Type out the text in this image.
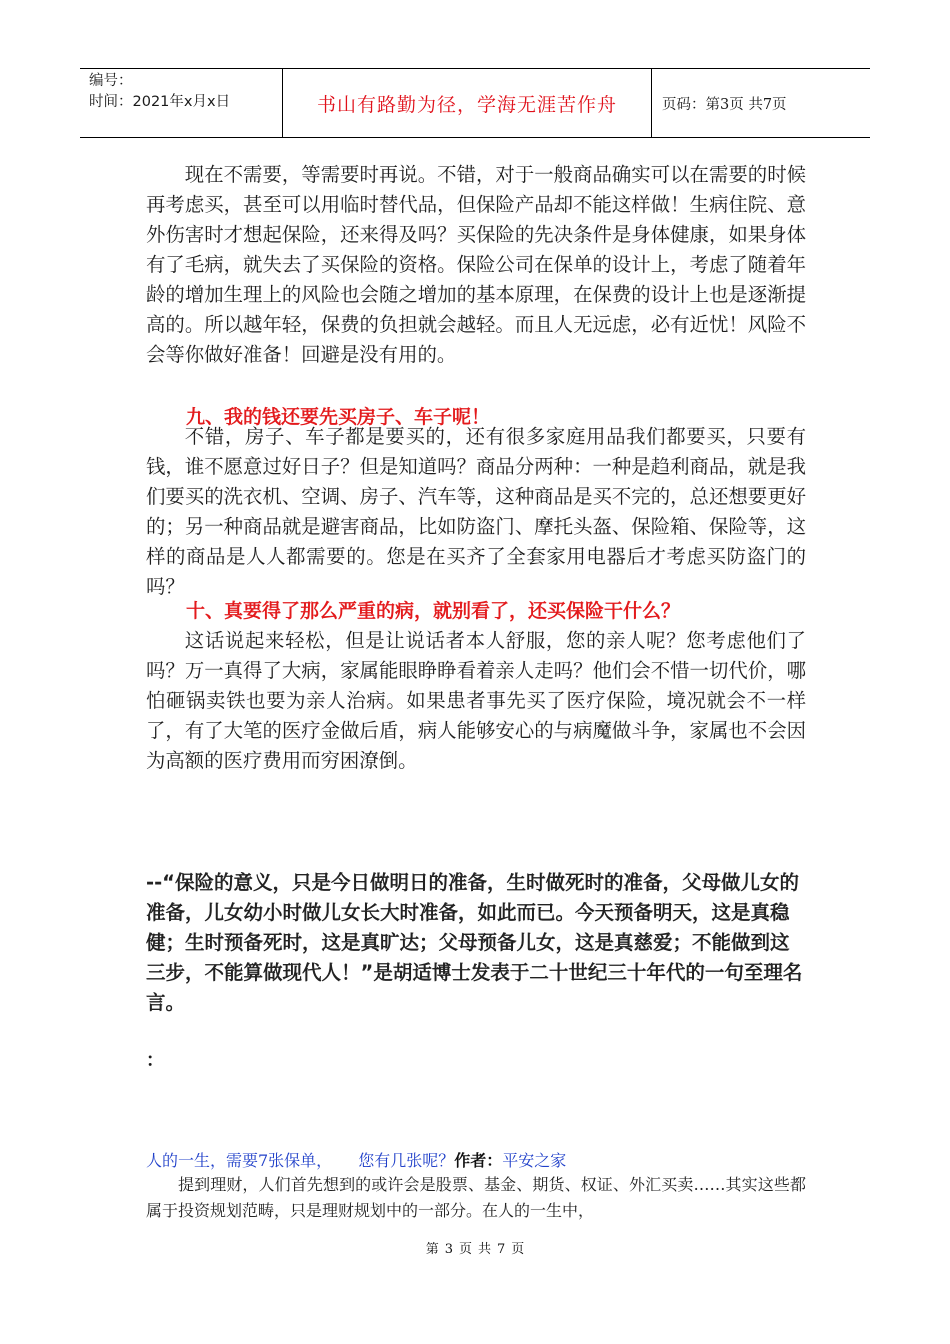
编号：
时间：2021年x月x日	书山有路勤为径，学海无涯苦作舟	页码：第3页 共7页
现在不需要，等需要时再说。不错，对于一般商品确实可以在需要的时候再考虑买，甚至可以用临时替代品，但保险产品却不能这样做！生病住院、意外伤害时才想起保险，还来得及吗？买保险的先决条件是身体健康，如果身体有了毛病，就失去了买保险的资格。保险公司在保单的设计上，考虑了随着年龄的增加生理上的风险也会随之增加的基本原理，在保费的设计上也是逐渐提高的。所以越年轻，保费的负担就会越轻。而且人无远虑，必有近忧！风险不会等你做好准备！回避是没有用的。
九、我的钱还要先买房子、车子呢！
不错，房子、车子都是要买的，还有很多家庭用品我们都要买，只要有钱，谁不愿意过好日子？但是知道吗？商品分两种：一种是趋利商品，就是我们要买的洗衣机、空调、房子、汽车等，这种商品是买不完的，总还想要更好的；另一种商品就是避害商品，比如防盗门、摩托头盔、保险箱、保险等，这样的商品是人人都需要的。您是在买齐了全套家用电器后才考虑买防盗门的吗？
十、真要得了那么严重的病，就别看了，还买保险干什么？
这话说起来轻松，但是让说话者本人舒服，您的亲人呢？您考虑他们了吗？万一真得了大病，家属能眼睁睁看着亲人走吗？他们会不惜一切代价，哪怕砸锅卖铁也要为亲人治病。如果患者事先买了医疗保险，境况就会不一样了，有了大笔的医疗金做后盾，病人能够安心的与病魔做斗争，家属也不会因为高额的医疗费用而穷困潦倒。
--“保险的意义，只是今日做明日的准备，生时做死时的准备，父母做儿女的准备，儿女幼小时做儿女长大时准备，如此而已。今天预备明天，这是真稳健；生时预备死时，这是真旷达；父母预备儿女，这是真慈爱；不能做到这三步，不能算做现代人！”是胡适博士发表于二十世纪三十年代的一句至理名言。
：
人的一生，需要7张保单， 您有几张呢？作者：平安之家
提到理财，人们首先想到的或许会是股票、基金、期货、权证、外汇买卖……其实这些都属于投资规划范畴，只是理财规划中的一部分。在人的一生中，
第 3 页 共 7 页
